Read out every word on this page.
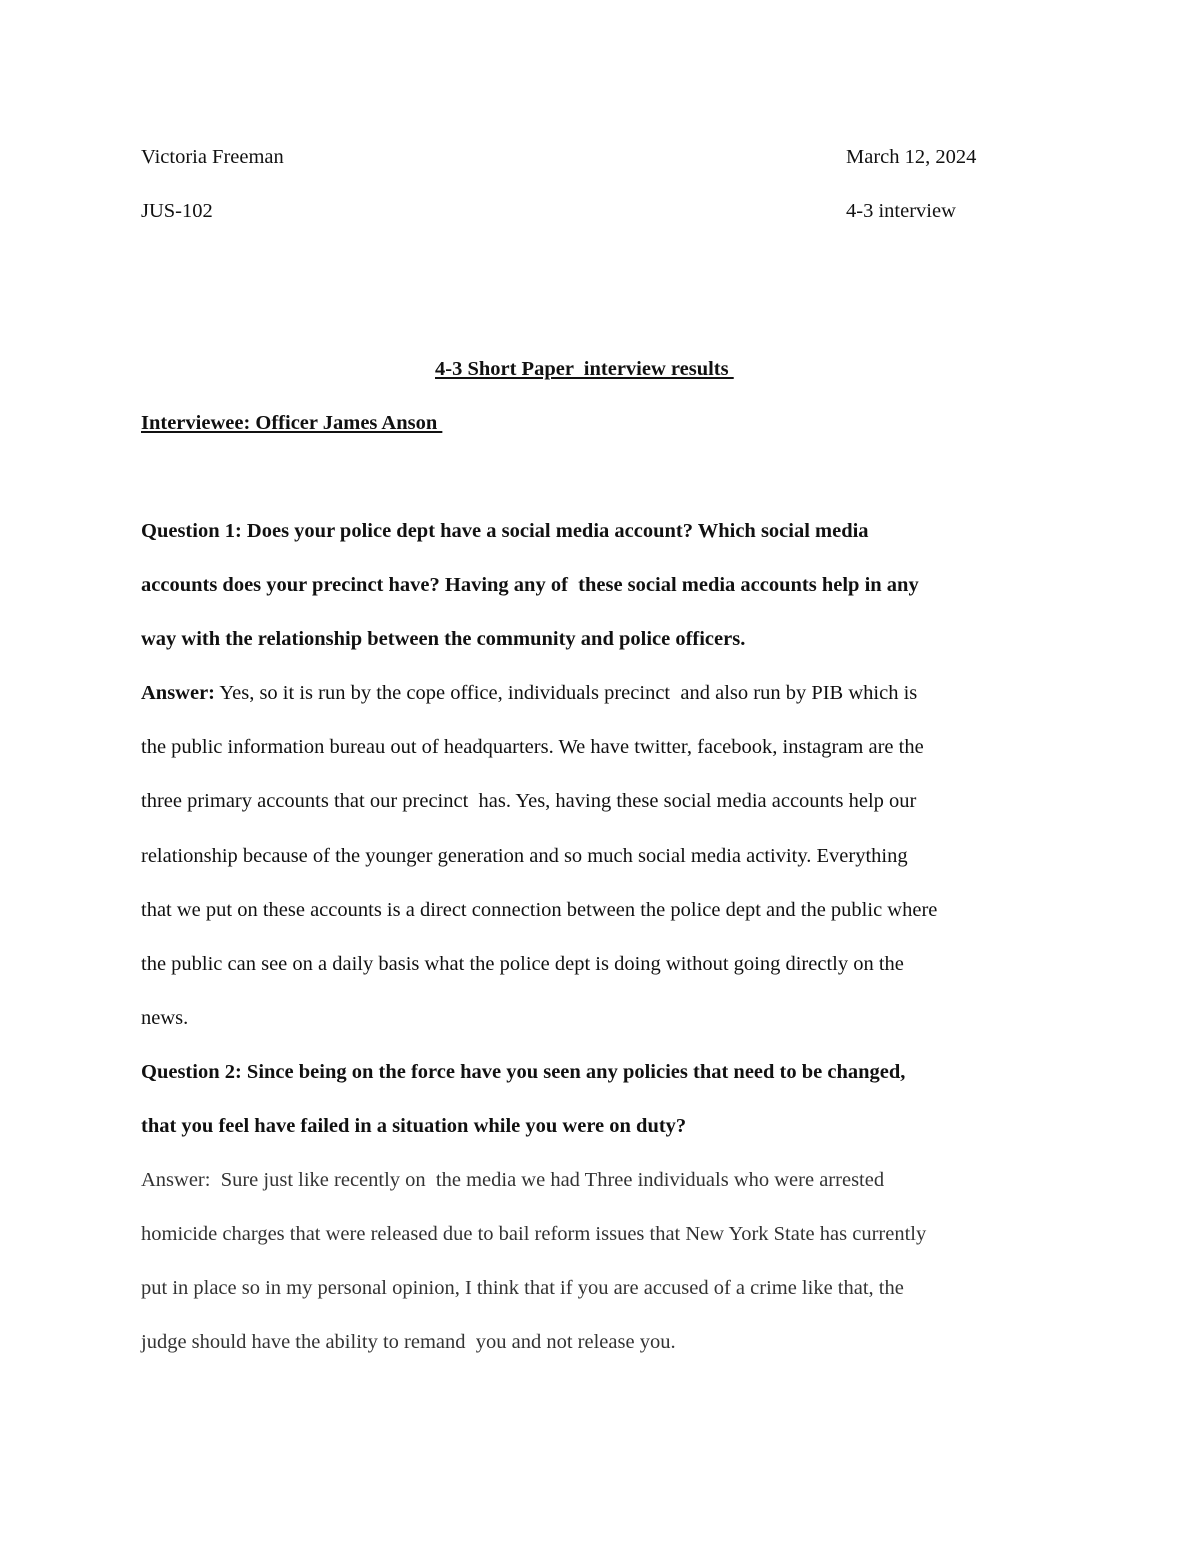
Victoria Freeman	March 12, 2024
JUS-102	4-3 interview
4-3 Short Paper  interview results
Interviewee: Officer James Anson
Question 1: Does your police dept have a social media account? Which social media
accounts does your precinct have? Having any of  these social media accounts help in any
way with the relationship between the community and police officers.
Answer: Yes, so it is run by the cope office, individuals precinct  and also run by PIB which is
the public information bureau out of headquarters. We have twitter, facebook, instagram are the
three primary accounts that our precinct  has. Yes, having these social media accounts help our
relationship because of the younger generation and so much social media activity. Everything
that we put on these accounts is a direct connection between the police dept and the public where
the public can see on a daily basis what the police dept is doing without going directly on the
news.
Question 2: Since being on the force have you seen any policies that need to be changed,
that you feel have failed in a situation while you were on duty?
Answer:  Sure just like recently on  the media we had Three individuals who were arrested
homicide charges that were released due to bail reform issues that New York State has currently
put in place so in my personal opinion, I think that if you are accused of a crime like that, the
judge should have the ability to remand  you and not release you.
